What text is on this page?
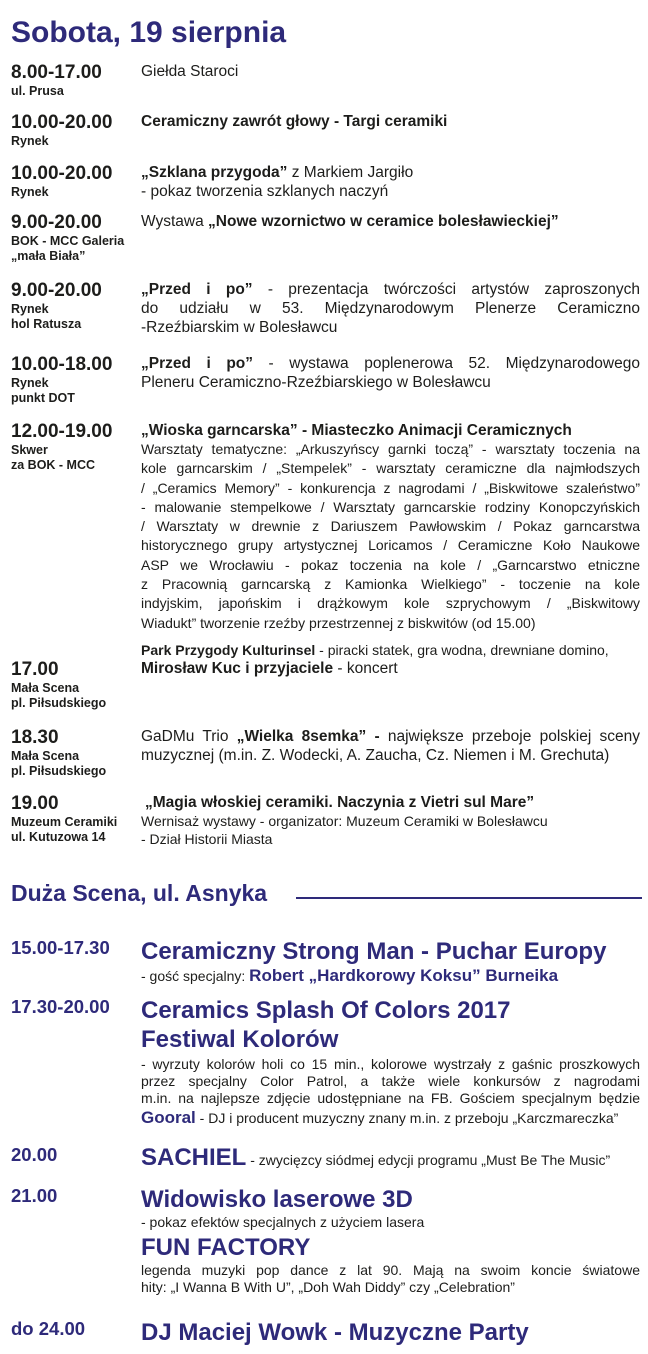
Sobota, 19 sierpnia
8.00-17.00
ul. Prusa

Giełda Staroci

10.00-20.00
Rynek

Ceramiczny zawrót głowy - Targi ceramiki

10.00-20.00
Rynek

„Szklana przygoda” z Markiem Jargiło

- pokaz tworzenia szklanych naczyń

9.00-20.00
BOK - MCC Galeria
„mała Biała”

Wystawa „Nowe wzornictwo w ceramice bolesławieckiej”

9.00-20.00
Rynek
hol Ratusza

„Przed i po” - prezentacja twórczości artystów zaproszonych

do udziału w 53. Międzynarodowym Plenerze Ceramiczno

-Rzeźbiarskim w Bolesławcu

10.00-18.00
Rynek
punkt DOT

„Przed i po” - wystawa poplenerowa 52. Międzynarodowego

Pleneru Ceramiczno-Rzeźbiarskiego w Bolesławcu

12.00-19.00
Skwer
za BOK - MCC

„Wioska garncarska” - Miasteczko Animacji Ceramicznych

Warsztaty tematyczne: „Arkuszyńscy garnki toczą” - warsztaty toczenia na

kole garncarskim / „Stempelek” - warsztaty ceramiczne dla najmłodszych

/ „Ceramics Memory” - konkurencja z nagrodami / „Biskwitowe szaleństwo”

- malowanie stempelkowe / Warsztaty garncarskie rodziny Konopczyńskich

/ Warsztaty w drewnie z Dariuszem Pawłowskim / Pokaz garncarstwa

historycznego grupy artystycznej Loricamos / Ceramiczne Koło Naukowe

ASP we Wrocławiu - pokaz toczenia na kole / „Garncarstwo etniczne

z Pracownią garncarską z Kamionka Wielkiego” - toczenie na kole

indyjskim, japońskim i drążkowym kole szprychowym / „Biskwitowy

Wiadukt” tworzenie rzeźby przestrzennej z biskwitów (od 15.00)

Park Przygody Kulturinsel - piracki statek, gra wodna, drewniane domino,

17.00
Mała Scena
pl. Piłsudskiego

Mirosław Kuc i przyjaciele - koncert

18.30
Mała Scena
pl. Piłsudskiego

GaDMu Trio „Wielka 8semka” - największe przeboje polskiej sceny

muzycznej (m.in. Z. Wodecki, A. Zaucha, Cz. Niemen i M. Grechuta)

19.00
Muzeum Ceramiki
ul. Kutuzowa 14

„Magia włoskiej ceramiki. Naczynia z Vietri sul Mare”

Wernisaż wystawy - organizator: Muzeum Ceramiki w Bolesławcu

- Dział Historii Miasta

Duża Scena, ul. Asnyka
15.00-17.30 Ceramiczny Strong Man - Puchar Europy
- gość specjalny: Robert „Hardkorowy Koksu” Burneika
17.30-20.00 Ceramics Splash Of Colors 2017
Festiwal Kolorów

- wyrzuty kolorów holi co 15 min., kolorowe wystrzały z gaśnic proszkowych

przez specjalny Color Patrol, a także wiele konkursów z nagrodami

m.in. na najlepsze zdjęcie udostępniane na FB. Gościem specjalnym będzie

Gooral - DJ i producent muzyczny znany m.in. z przeboju „Karczmareczka”
20.00	SACHIEL - zwycięzcy siódmej edycji programu „Must Be The Music”
21.00	Widowisko laserowe 3D

- pokaz efektów specjalnych z użyciem lasera

FUN FACTORY

legenda muzyki pop dance z lat 90. Mają na swoim koncie światowe

hity: „I Wanna B With U”, „Doh Wah Diddy” czy „Celebration”

do 24.00 DJ Maciej Wowk - Muzyczne Party
